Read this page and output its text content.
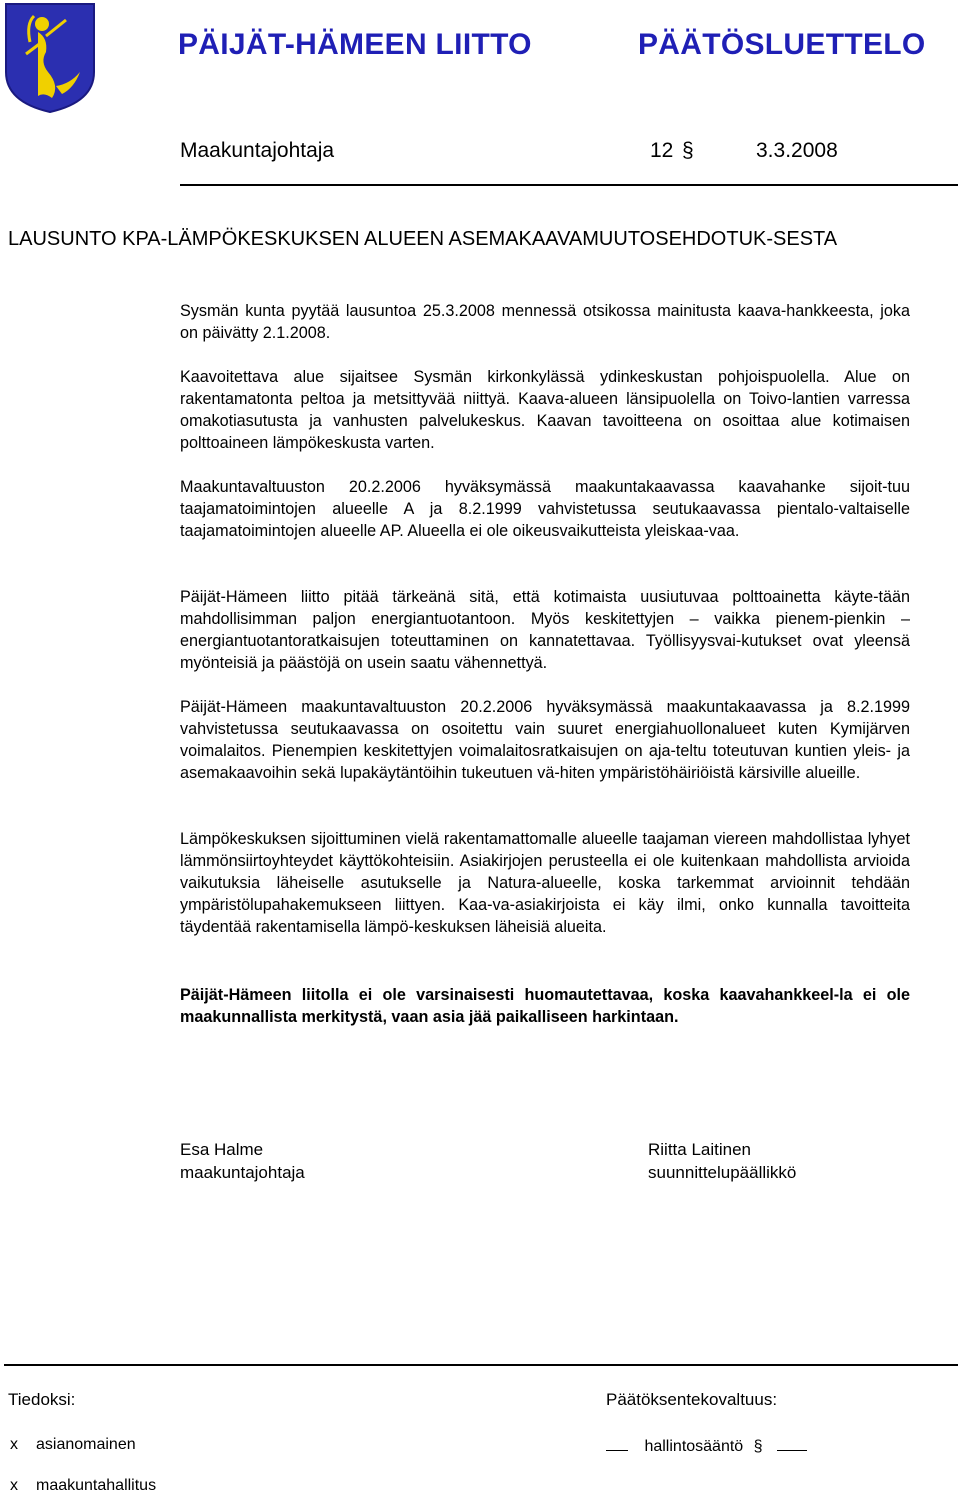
PÄIJÄT-HÄMEEN LIITTO	PÄÄTÖSLUETTELO
Maakuntajohtaja	12 §	3.3.2008
LAUSUNTO KPA-LÄMPÖKESKUKSEN ALUEEN ASEMAKAAVAMUUTOSEHDOTUK-SESTA
Sysmän kunta pyytää lausuntoa 25.3.2008 mennessä otsikossa mainitusta kaava-hankkeesta, joka on päivätty 2.1.2008.
Kaavoitettava alue sijaitsee Sysmän kirkonkylässä ydinkeskustan pohjoispuolella. Alue on rakentamatonta peltoa ja metsittyvää niittyä. Kaava-alueen länsipuolella on Toivo-lantien varressa omakotiasutusta ja vanhusten palvelukeskus. Kaavan tavoitteena on osoittaa alue kotimaisen polttoaineen lämpökeskusta varten.
Maakuntavaltuuston 20.2.2006 hyväksymässä maakuntakaavassa kaavahanke sijoit-tuu taajamatoimintojen alueelle A ja 8.2.1999 vahvistetussa seutukaavassa pientalo-valtaiselle taajamatoimintojen alueelle AP. Alueella ei ole oikeusvaikutteista yleiskaa-vaa.
Päijät-Hämeen liitto pitää tärkeänä sitä, että kotimaista uusiutuvaa polttoainetta käyte-tään mahdollisimman paljon energiantuotantoon. Myös keskitettyjen – vaikka pienem-pienkin – energiantuotantoratkaisujen toteuttaminen on kannatettavaa. Työllisyysvai-kutukset ovat yleensä myönteisiä ja päästöjä on usein saatu vähennettyä.
Päijät-Hämeen maakuntavaltuuston 20.2.2006 hyväksymässä maakuntakaavassa ja 8.2.1999 vahvistetussa seutukaavassa on osoitettu vain suuret energiahuollonalueet kuten Kymijärven voimalaitos. Pienempien keskitettyjen voimalaitosratkaisujen on aja-teltu toteutuvan kuntien yleis- ja asemakaavoihin sekä lupakäytäntöihin tukeutuen vä-hiten ympäristöhäiriöistä kärsiville alueille.
Lämpökeskuksen sijoittuminen vielä rakentamattomalle alueelle taajaman viereen mahdollistaa lyhyet lämmönsiirtoyhteydet käyttökohteisiin. Asiakirjojen perusteella ei ole kuitenkaan mahdollista arvioida vaikutuksia läheiselle asutukselle ja Natura-alueelle, koska tarkemmat arvioinnit tehdään ympäristölupahakemukseen liittyen. Kaa-va-asiakirjoista ei käy ilmi, onko kunnalla tavoitteita täydentää rakentamisella lämpö-keskuksen läheisiä alueita.
Päijät-Hämeen liitolla ei ole varsinaisesti huomautettavaa, koska kaavahankkeel-la ei ole maakunnallista merkitystä, vaan asia jää paikalliseen harkintaan.
Esa Halme
maakuntajohtaja
Riitta Laitinen
suunnittelupäällikkö
Tiedoksi:	Päätöksentekovaltuus:
x asianomainen	hallintosääntö §
x maakuntahallitus
